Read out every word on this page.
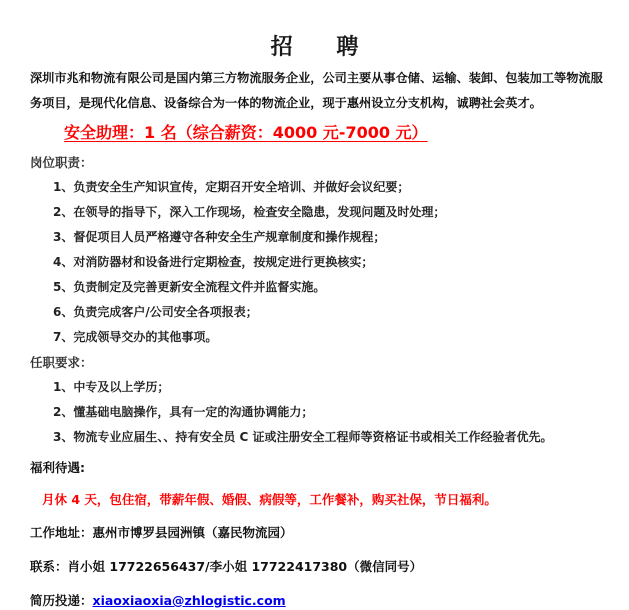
招 聘
深圳市兆和物流有限公司是国内第三方物流服务企业，公司主要从事仓储、运输、装卸、包装加工等物流服务项目，是现代化信息、设备综合为一体的物流企业，现于惠州设立分支机构，诚聘社会英才。
安全助理：1 名（综合薪资：4000 元-7000 元）
岗位职责：
1、负责安全生产知识宣传，定期召开安全培训、并做好会议纪要；
2、在领导的指导下，深入工作现场，检查安全隐患，发现问题及时处理；
3、督促项目人员严格遵守各种安全生产规章制度和操作规程；
4、对消防器材和设备进行定期检查，按规定进行更换核实；
5、负责制定及完善更新安全流程文件并监督实施。
6、负责完成客户/公司安全各项报表；
7、完成领导交办的其他事项。
任职要求：
1、中专及以上学历；
2、懂基础电脑操作，具有一定的沟通协调能力；
3、物流专业应届生、、持有安全员 C 证或注册安全工程师等资格证书或相关工作经验者优先。
福利待遇:
月休 4 天，包住宿，带薪年假、婚假、病假等，工作餐补，购买社保，节日福利。
工作地址：惠州市博罗县园洲镇（嘉民物流园）
联系：肖小姐 17722656437/李小姐 17722417380（微信同号）
简历投递：xiaoxiaoxia@zhlogistic.com
